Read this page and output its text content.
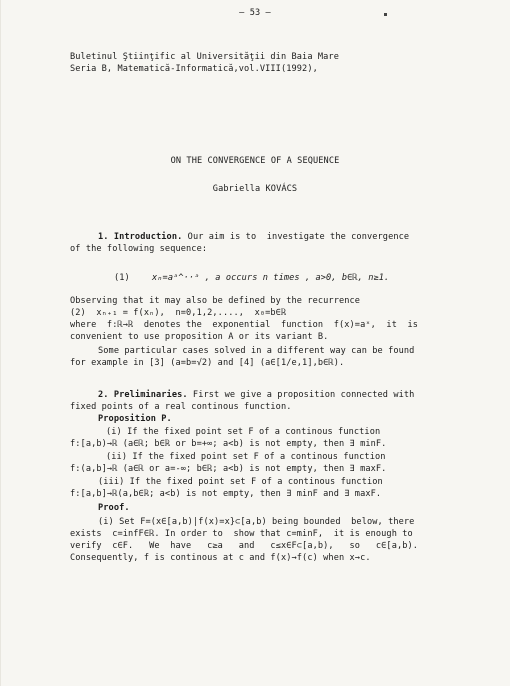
— 53 —
Buletinul Ştiinţific al Universităţii din Baia Mare
Seria B, Matematică-Informatică,vol.VIII(1992),
ON THE CONVERGENCE OF A SEQUENCE
Gabriella KOVÁCS
1. Introduction. Our aim is to  investigate the convergence
of the following sequence:
(1)	xₙ=aᵃ^··ᵃ , a occurs n times , a>0, b∈ℝ, n≥1.
Observing that it may also be defined by the recurrence
(2)  xₙ₊₁ = f(xₙ),  n=0,1,2,....,  x₀=b∈ℝ
where  f:ℝ→ℝ  denotes the  exponential  function  f(x)=aˣ,  it  is
convenient to use proposition A or its variant B.
Some particular cases solved in a different way can be found
for example in [3] (a=b=√2) and [4] (a∈[1/e,1],b∈ℝ).
2. Preliminaries. First we give a proposition connected with
fixed points of a real continous function.
Proposition P.
(i) If the fixed point set F of a continous function
f:[a,b)→ℝ (a∈ℝ; b∈ℝ or b=+∞; a<b) is not empty, then ∃ minF.
(ii) If the fixed point set F of a continous function
f:(a,b]→ℝ (a∈ℝ or a=-∞; b∈ℝ; a<b) is not empty, then ∃ maxF.
(iii) If the fixed point set F of a continous function
f:[a,b]→ℝ(a,b∈ℝ; a<b) is not empty, then ∃ minF and ∃ maxF.
Proof.
(i) Set F=(x∈[a,b)|f(x)=x}⊂[a,b) being bounded  below, there
exists  c=infF∈ℝ. In order to  show that c=minF,  it is enough to
verify  c∈F.   We  have   c≥a   and   c≤x∈F⊂[a,b),   so   c∈[a,b).
Consequently, f is continous at c and f(x)→f(c) when x→c.
